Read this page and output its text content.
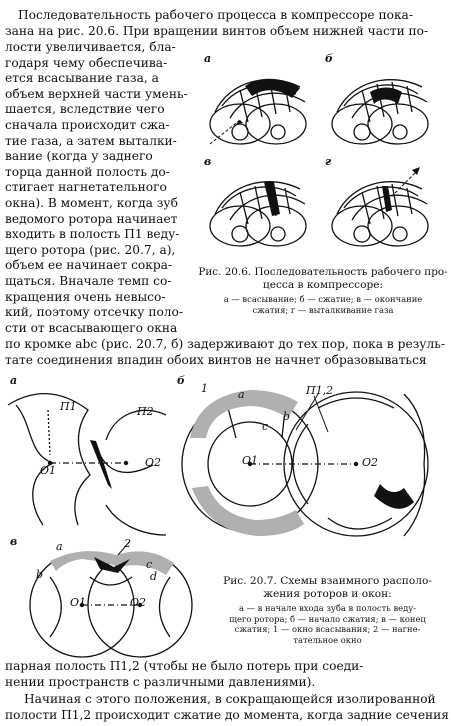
Последовательность рабочего процесса в компрессоре пока-
зана на рис. 20.6. При вращении винтов объем нижней части по-
лости увеличивается, бла-
годаря чему обеспечива-
ется всасывание газа, а
объем верхней части умень-
шается, вследствие чего
сначала происходит сжа-
тие газа, а затем выталки-
вание (когда у заднего
торца данной полость до-
стигает нагнетательного
окна). В момент, когда зуб
ведомого ротора начинает
входить в полость П1 веду-
щего ротора (рис. 20.7, а),
объем ее начинает сокра-
щаться. Вначале темп со-
кращения очень невысо-
кий, поэтому отсечку поло-
сти от всасывающего окна
а	б
в	г
Рис. 20.6. Последовательность рабочего про-
цесса в компрессоре:
а — всасывание; б — сжатие; в — окончание
сжатия; г — выталкивание газа
по кромке abc (рис. 20.7, б) задерживают до тех пор, пока в резуль-
тате соединения впадин обоих винтов не начнет образовываться
а
П1	П2
O1
O2
б
1	a	П1,2
b
c
O1	O2
в	a	2
b
c
d
O1	O2
Рис. 20.7. Схемы взаимного располо-
жения роторов и окон:
а — в начале входа зуба в полость веду-
щего ротора; б — начало сжатия; в — конец
сжатия; 1 — окно всасывания; 2 — нагне-
тательное окно
парная полость П1,2 (чтобы не было потерь при соеди-
нении пространств с различными давлениями).
Начиная с этого положения, в сокращающейся изолированной
полости П1,2 происходит сжатие до момента, когда задние сечения
